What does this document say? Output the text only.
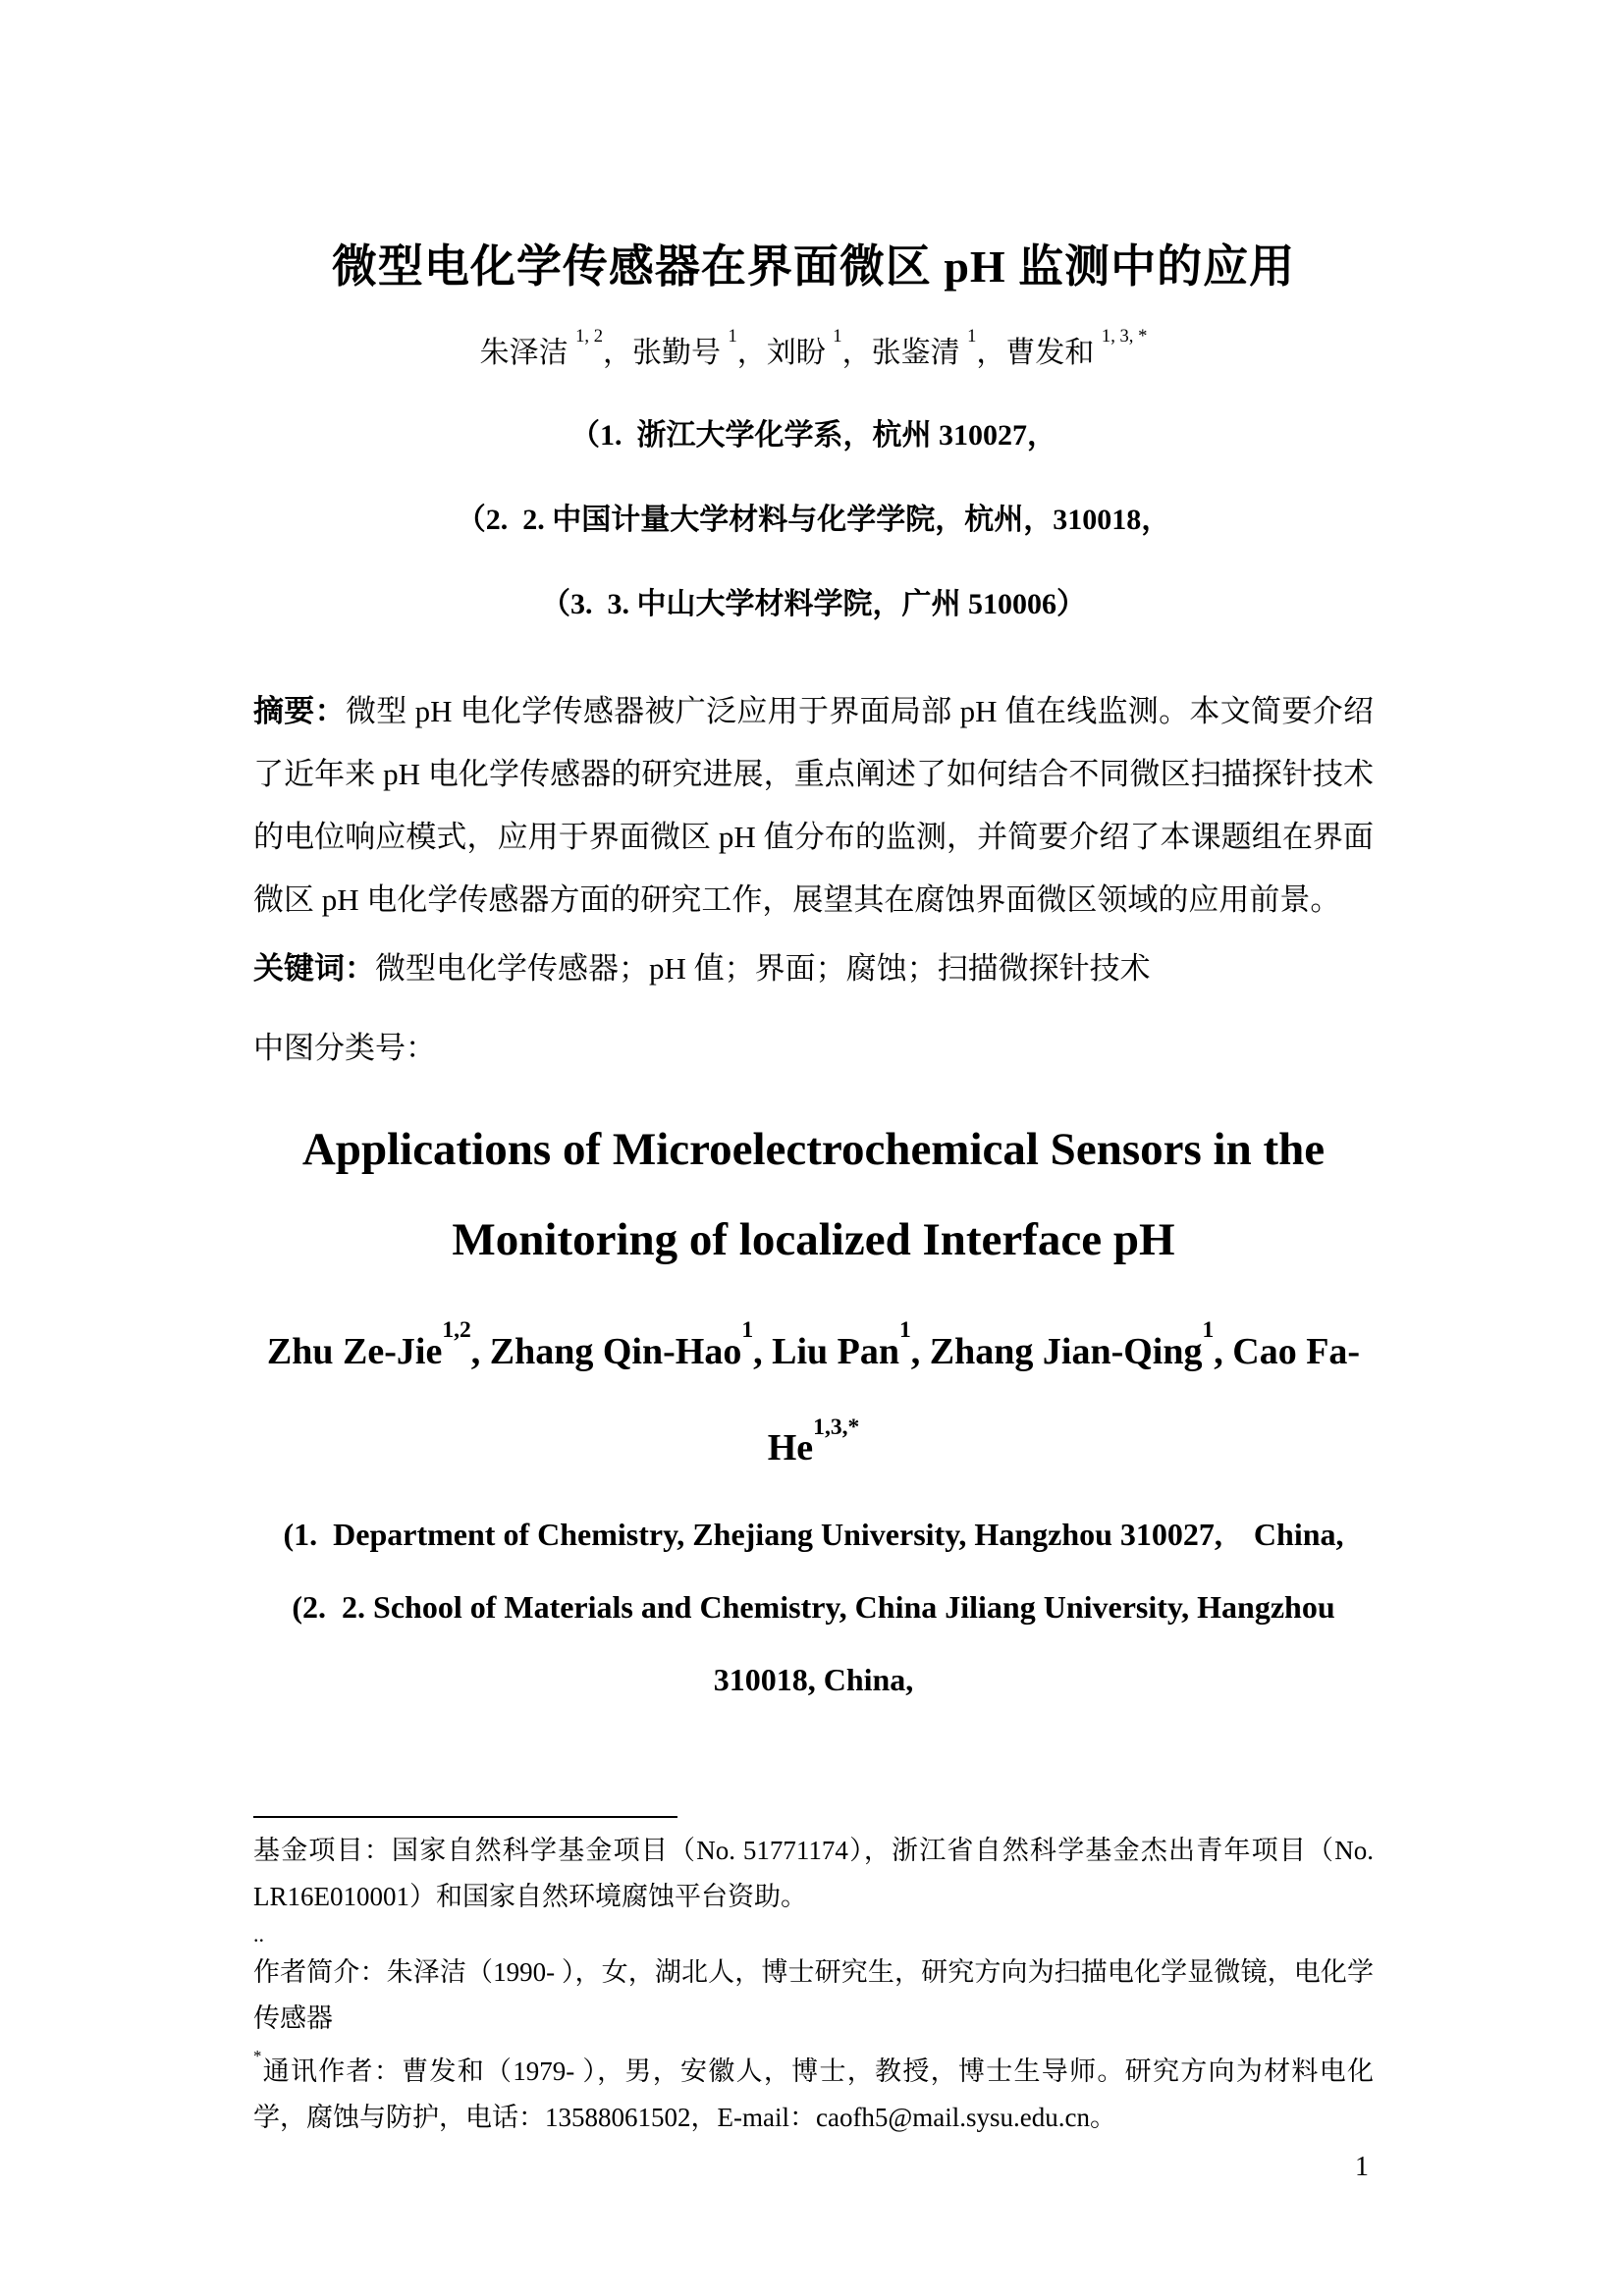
微型电化学传感器在界面微区 pH 监测中的应用

朱泽洁 $^{1, 2}$，张勤号 $^1$，刘盼 $^1$，张鉴清 $^1$，曹发和 $^{1, 3, *}$

（1.  浙江大学化学系，杭州 310027，

（2.  2. 中国计量大学材料与化学学院，杭州，310018，

（3.  3. 中山大学材料学院，广州 510006）

摘要：微型 pH 电化学传感器被广泛应用于界面局部 pH 值在线监测。本文简要介绍了近年来 pH 电化学传感器的研究进展，重点阐述了如何结合不同微区扫描探针技术的电位响应模式，应用于界面微区 pH 值分布的监测，并简要介绍了本课题组在界面微区 pH 电化学传感器方面的研究工作，展望其在腐蚀界面微区领域的应用前景。

关键词：微型电化学传感器；pH 值；界面；腐蚀；扫描微探针技术

中图分类号：

Applications of Microelectrochemical Sensors in the
Monitoring of localized Interface pH

Zhu Ze-Jie$^{1,2}$, Zhang Qin-Hao$^1$, Liu Pan$^1$, Zhang Jian-Qing$^1$, Cao $Fa-He^{1,3,*}$

(1.  Department of Chemistry, Zhejiang University, Hangzhou 310027,    China,

(2.  2. School of Materials and Chemistry, China Jiliang University, Hangzhou 310018, China,

基金项目：国家自然科学基金项目（No. 51771174），浙江省自然科学基金杰出青年项目（No. LR16E010001）和国家自然环境腐蚀平台资助。

..

作者简介：朱泽洁（1990- ），女，湖北人，博士研究生，研究方向为扫描电化学显微镜，电化学传感器

*通讯作者：曹发和（1979- ），男，安徽人，博士，教授，博士生导师。研究方向为材料电化学，腐蚀与防护，电话：13588061502，E-mail：caofh5@mail.sysu.edu.cn。

1
